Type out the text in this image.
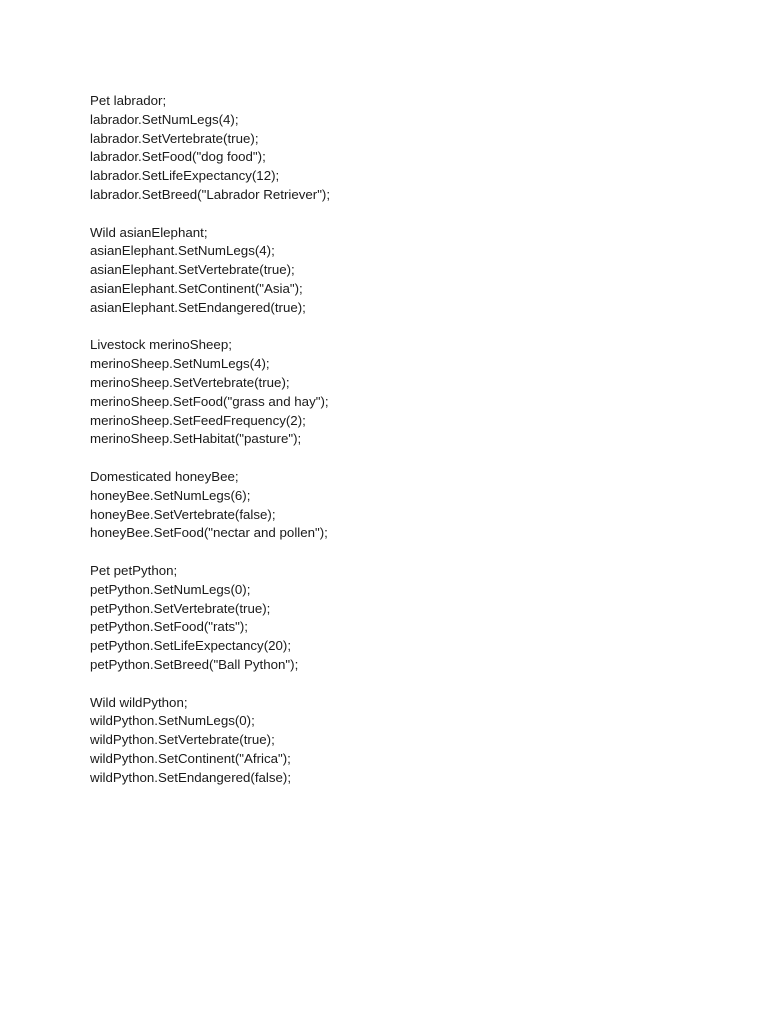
Pet labrador;
labrador.SetNumLegs(4);
labrador.SetVertebrate(true);
labrador.SetFood("dog food");
labrador.SetLifeExpectancy(12);
labrador.SetBreed("Labrador Retriever");
Wild asianElephant;
asianElephant.SetNumLegs(4);
asianElephant.SetVertebrate(true);
asianElephant.SetContinent("Asia");
asianElephant.SetEndangered(true);
Livestock merinoSheep;
merinoSheep.SetNumLegs(4);
merinoSheep.SetVertebrate(true);
merinoSheep.SetFood("grass and hay");
merinoSheep.SetFeedFrequency(2);
merinoSheep.SetHabitat("pasture");
Domesticated honeyBee;
honeyBee.SetNumLegs(6);
honeyBee.SetVertebrate(false);
honeyBee.SetFood("nectar and pollen");
Pet petPython;
petPython.SetNumLegs(0);
petPython.SetVertebrate(true);
petPython.SetFood("rats");
petPython.SetLifeExpectancy(20);
petPython.SetBreed("Ball Python");
Wild wildPython;
wildPython.SetNumLegs(0);
wildPython.SetVertebrate(true);
wildPython.SetContinent("Africa");
wildPython.SetEndangered(false);
